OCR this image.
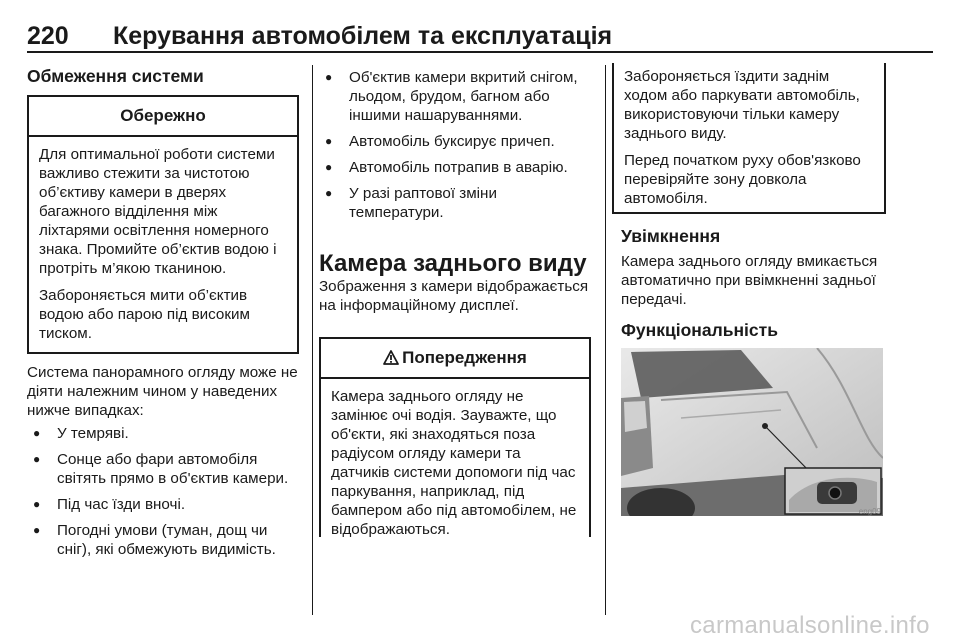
220 Керування автомобілем та експлуатація
Обмеження системи
Обережно

Для оптимальної роботи системи важливо стежити за чистотою об’єктиву камери в дверях багажного відділення між ліхтарями освітлення номерного знака. Промийте об’єктив водою і протріть м’якою тканиною.

Забороняється мити об’єктив водою або парою під високим тиском.

Система панорамного огляду може не діяти належним чином у наведених нижче випадках:
● У темряві.
● Сонце або фари автомобіля світять прямо в об'єктив камери.
● Під час їзди вночі.
● Погодні умови (туман, дощ чи сніг), які обмежують видимість.
● Об'єктив камери вкритий снігом, льодом, брудом, багном або іншими нашаруваннями.
● Автомобіль буксирує причеп.
● Автомобіль потрапив в аварію.
● У разі раптової зміни температури.
Камера заднього виду
Зображення з камери відображається на інформаційному дисплеї.
Попередження
Камера заднього огляду не замінює очі водія. Зауважте, що об'єкти, які знаходяться поза радіусом огляду камери та датчиків системи допомоги під час паркування, наприклад, під бампером або під автомобілем, не відображаються.

Забороняється їздити заднім ходом або паркувати автомобіль, використовуючи тільки камеру заднього виду.

Перед початком руху обов'язково перевіряйте зону довкола автомобіля.

Увімкнення
Камера заднього огляду вмикається автоматично при ввімкненні задньої передачі.
Функціональність
eng09
carmanualsonline.info
